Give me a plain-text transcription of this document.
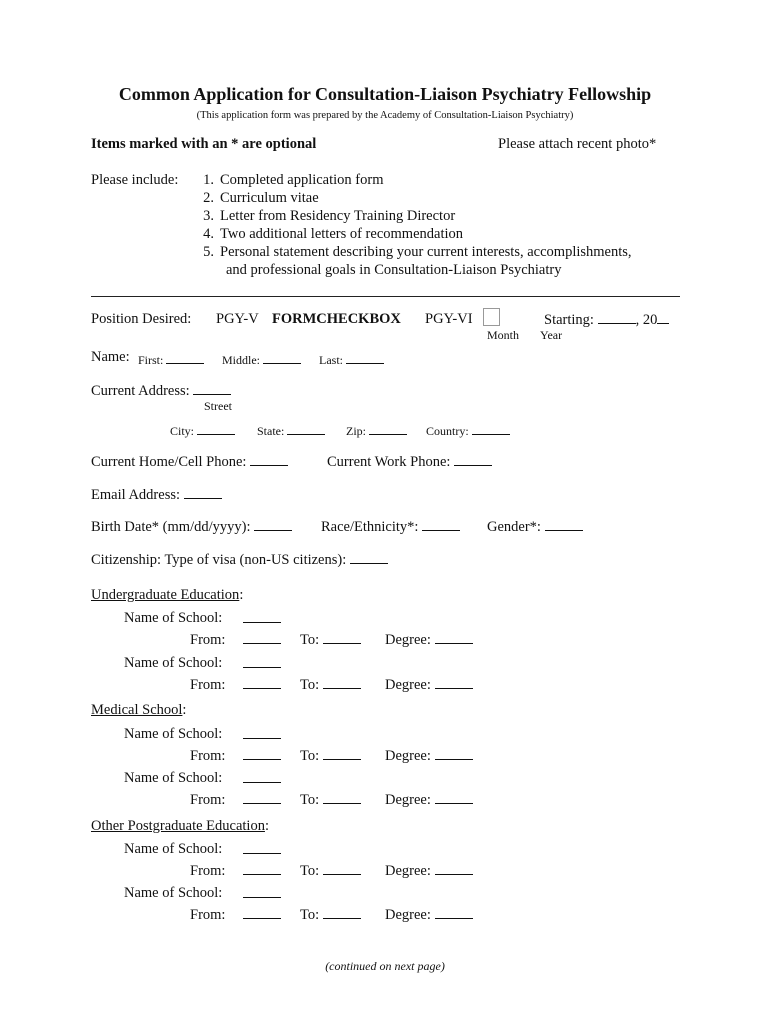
Common Application for Consultation-Liaison Psychiatry Fellowship
(This application form was prepared by the Academy of Consultation-Liaison Psychiatry)
Items marked with an * are optional	Please attach recent photo*
Please include:	1. Completed application form
2. Curriculum vitae
3. Letter from Residency Training Director
4. Two additional letters of recommendation
5. Personal statement describing your current interests, accomplishments,
and professional goals in Consultation-Liaison Psychiatry
Position Desired: PGY-V FORMCHECKBOX PGY-VI	Starting:	, 20
Month Year
Name: First:	Middle:	Last:
Current Address:
Street
City:	State:	Zip:	Country:
Current Home/Cell Phone:	Current Work Phone:
Email Address:
Birth Date* (mm/dd/yyyy):	Race/Ethnicity*:	Gender*:
Citizenship: Type of visa (non-US citizens):
Undergraduate Education:
Name of School:
From:	To:	Degree:
Name of School:
From:	To:	Degree:
Medical School:
Name of School:
From:	To:	Degree:
Name of School:
From:	To:	Degree:
Other Postgraduate Education:
Name of School:
From:	To:	Degree:
Name of School:
From:	To:	Degree:
(continued on next page)
